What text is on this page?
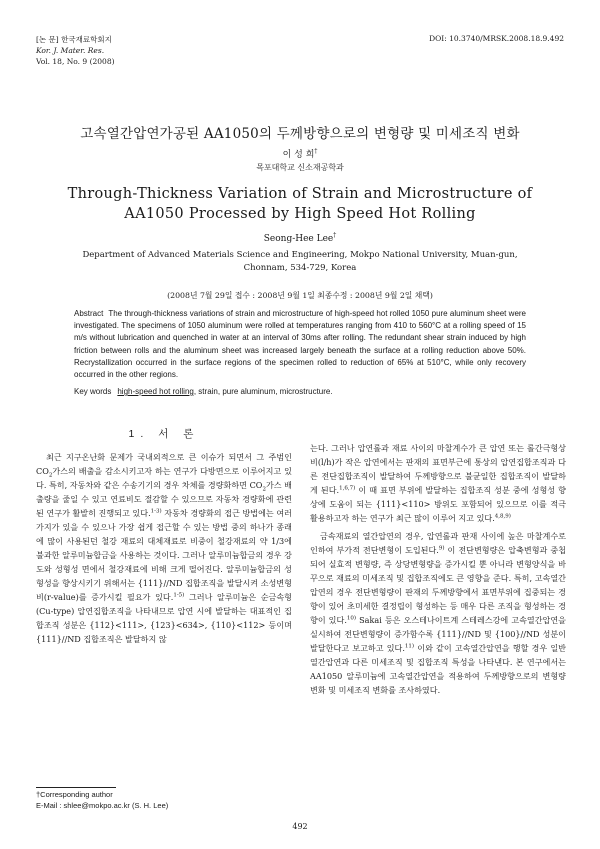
[논 문] 한국재료학회지
Kor. J. Mater. Res.
Vol. 18, No. 9 (2008)
DOI: 10.3740/MRSK.2008.18.9.492
고속열간압연가공된 AA1050의 두께방향으로의 변형량 및 미세조직 변화
이 성 희†
목포대학교 신소재공학과
Through-Thickness Variation of Strain and Microstructure of
AA1050 Processed by High Speed Hot Rolling
Seong-Hee Lee†
Department of Advanced Materials Science and Engineering, Mokpo National University, Muan-gun,
Chonnam, 534-729, Korea
(2008년 7월 29일 접수 : 2008년 9월 1일 최종수정 : 2008년 9월 2일 채택)
Abstract The through-thickness variations of strain and microstructure of high-speed hot rolled 1050 pure aluminum sheet were investigated. The specimens of 1050 aluminum were rolled at temperatures ranging from 410 to 560°C at a rolling speed of 15 m/s without lubrication and quenched in water at an interval of 30ms after rolling. The redundant shear strain induced by high friction between rolls and the aluminum sheet was increased largely beneath the surface at a rolling reduction above 50%. Recrystallization occurred in the surface regions of the specimen rolled to reduction of 65% at 510°C, while only recovery occurred in the other regions.
Key words high-speed hot rolling, strain, pure aluminum, microstructure.
1. 서 론

최근 지구온난화 문제가 국내외적으로 큰 이슈가 되면서 그 주범인 $CO_2$가스의 배출을 감소시키고자 하는 연구가 다방면으로 이루어지고 있다. 특히, 자동차와 같은 수송기기의 경우 차체를 경량화하면 $CO_2$가스 배출량을 줄일 수 있고 연료비도 절감할 수 있으므로 자동차 경량화에 관련된 연구가 활발히 진행되고 있다.$^{1-3)}$ 자동차 경량화의 접근 방법에는 여러 가지가 있을 수 있으나 가장 쉽게 접근할 수 있는 방법 중의 하나가 종래에 많이 사용된던 철강 재료의 대체재료로 비중이 철강재료의 약 1/3에 불과한 알루미늄합금을 사용하는 것이다. 그러나 알루미늄합금의 경우 강도와 성형성 면에서 철강재료에 비해 크게 떨어진다. 알루미늄합금의 성형성을 향상시키기 위해서는 {111}//ND 집합조직을 발달시켜 소성변형비(r-value)를 증가시킬 필요가 있다.$^{1-5)}$ 그러나 알루미늄은 순금속형(Cu-type) 압연집합조직을 나타내므로 압연 시에 발달하는 대표적인 집합조직 성분은 {112}<111>, {123}<634>, {110}<112> 등이며 {111}//ND 집합조직은 발달하지 않

는다. 그러나 압연롤과 재료 사이의 마찰계수가 큰 압연 또는 롤간극형상비(l/h)가 작은 압연에서는 판재의 표면부근에 통상의 압연집합조직과 다른 전단집합조직이 발달하여 두께방향으로 불균일한 집합조직이 발달하게 된다.$^{1,6,7)}$ 이 때 표면 부위에 발달하는 집합조직 성분 중에 성형성 향상에 도움이 되는 {111}<110> 방위도 포함되어 있으므로 이를 적극 활용하고자 하는 연구가 최근 많이 이루어 지고 있다.$^{4,8,9)}$

금속재료의 열간압연의 경우, 압연롤과 판재 사이에 높은 마찰계수로 인하여 부가적 전단변형이 도입된다.$^{9)}$ 이 전단변형량은 압축변형과 중첩되어 실효적 변형량, 즉 상당변형량을 증가시킬 뿐 아니라 변형양식을 바꾸으로 재료의 미세조직 및 집합조직에도 큰 영향을 준다. 특히, 고속열간압연의 경우 전단변형량이 판재의 두께방향에서 표면부위에 집중되는 경향이 있어 초미세한 결정립이 형성하는 등 매우 다른 조직을 형성하는 경향이 있다.$^{10)}$ Sakai 등은 오스테나이트계 스테레스강에 고속열간압연을 실시하여 전단변형량이 증가함수록 {111}//ND 및 {100}//ND 성분이 발달한다고 보고하고 있다.$^{11)}$ 이와 같이 고속열간압연을 행할 경우 일반 열간압연과 다른 미세조직 및 집합조직 특성을 나타낸다. 본 연구에서는 AA1050 알루미늄에 고속열간압연을 적용하여 두께방향으로의 변형량 변화 및 미세조직 변화를 조사하였다.

†Corresponding author
E-Mail : shlee@mokpo.ac.kr (S. H. Lee)
492
